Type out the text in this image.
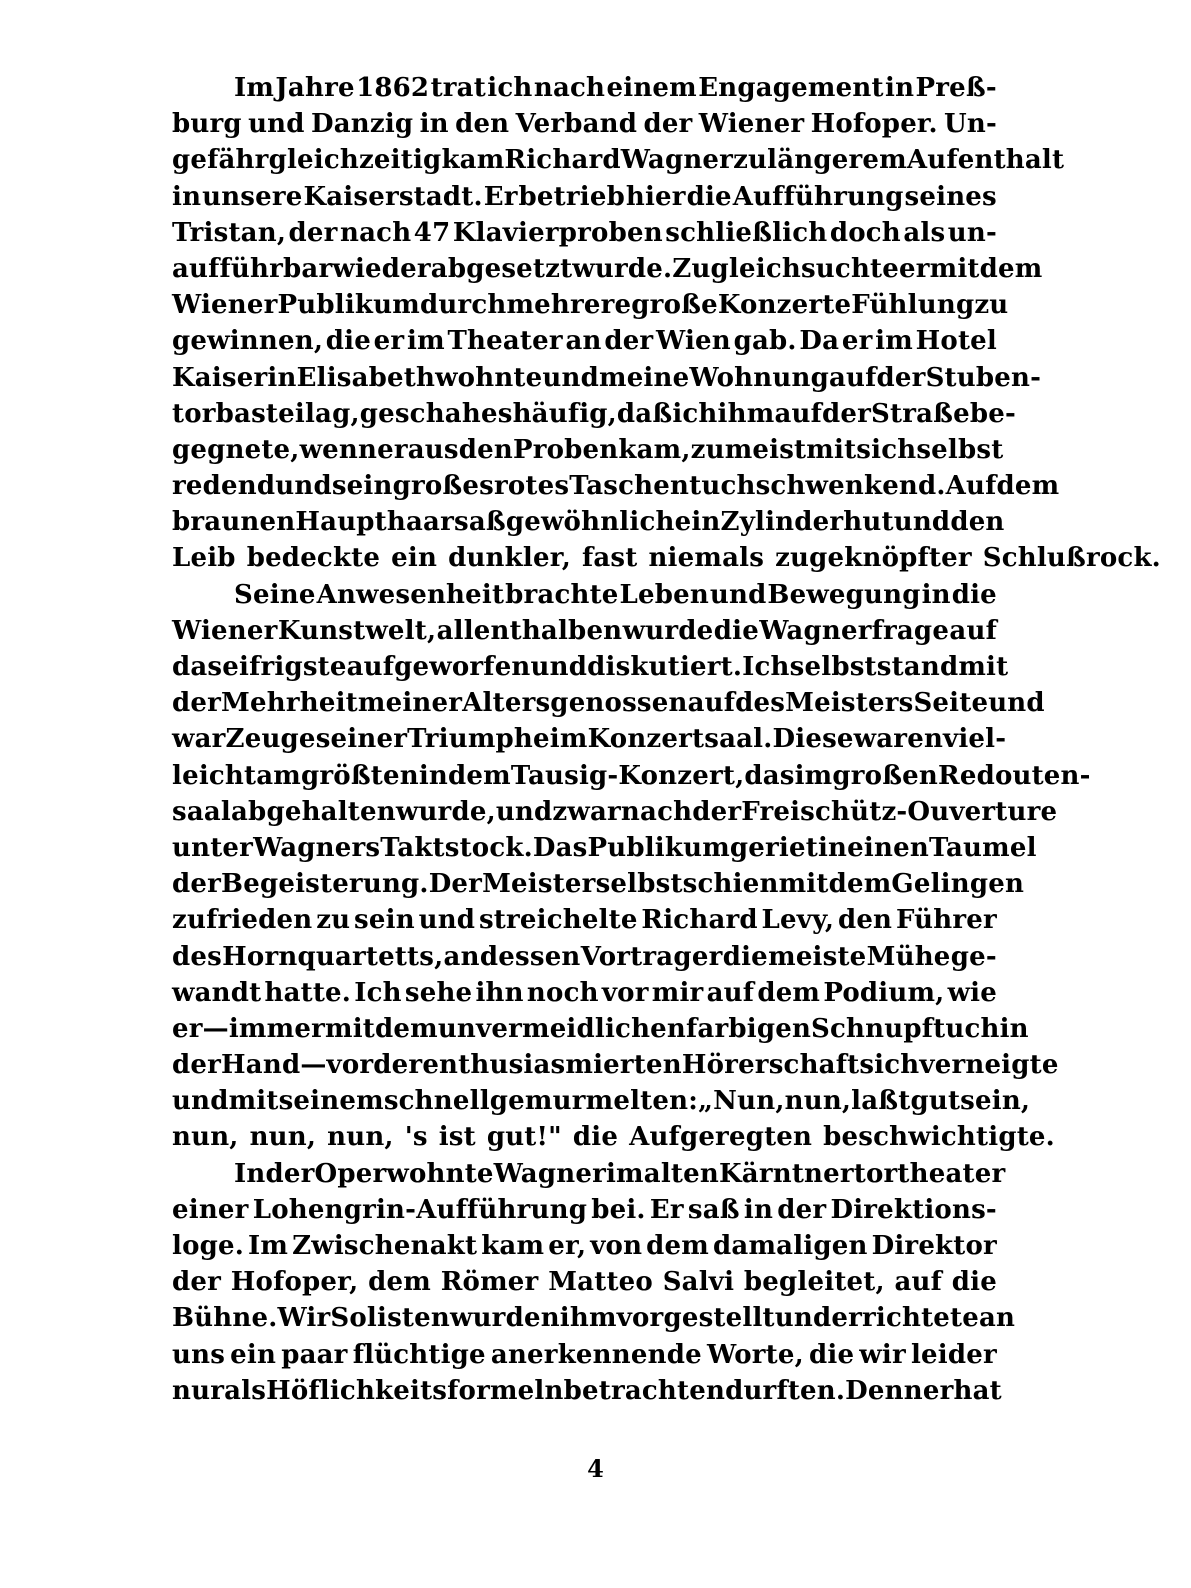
Im Jahre 1862 trat ich nach einem Engagement in Preß-
burg und Danzig in den Verband der Wiener Hofoper. Un-
gefähr gleichzeitig kam Richard Wagner zu längerem Aufenthalt
in unsere Kaiserstadt. Er betrieb hier die Aufführung seines
Tristan, der nach 47 Klavierproben schließlich doch als un-
aufführbar wieder abgesetzt wurde. Zugleich suchte er mit dem
Wiener Publikum durch mehrere große Konzerte Fühlung zu
gewinnen, die er im Theater an der Wien gab. Da er im Hotel
Kaiserin Elisabeth wohnte und meine Wohnung auf der Stuben-
torbastei lag, geschah es häufig, daß ich ihm auf der Straße be-
gegnete, wenn er aus den Proben kam, zumeist mit sich selbst
redend und sein großes rotes Taschentuch schwenkend. Auf dem
braunen Haupthaar saß gewöhnlich ein Zylinderhut und den
Leib bedeckte ein dunkler, fast niemals zugeknöpfter Schlußrock.
Seine Anwesenheit brachte Leben und Bewegung in die
Wiener Kunstwelt, allenthalben wurde die Wagnerfrage auf
das eifrigste aufgeworfen und diskutiert. Ich selbst stand mit
der Mehrheit meiner Altersgenossen auf des Meisters Seite und
war Zeuge seiner Triumphe im Konzertsaal. Diese waren viel-
leicht am größten in dem Tausig-Konzert, das im großen Redouten-
saal abgehalten wurde, und zwar nach der Freischütz-Ouverture
unter Wagners Taktstock. Das Publikum geriet in einen Taumel
der Begeisterung. Der Meister selbst schien mit dem Gelingen
zufrieden zu sein und streichelte Richard Levy, den Führer
des Hornquartetts, an dessen Vortrag er die meiste Mühe ge-
wandt hatte. Ich sehe ihn noch vor mir auf dem Podium, wie
er — immer mit dem unvermeidlichen farbigen Schnupftuch in
der Hand — vor der enthusiasmierten Hörerschaft sich verneigte
und mit seinem schnell gemurmelten: „Nun, nun, laßt gut sein,
nun, nun, nun, 's ist gut!" die Aufgeregten beschwichtigte.
In der Oper wohnte Wagner im alten Kärntnertortheater
einer Lohengrin-Aufführung bei. Er saß in der Direktions-
loge. Im Zwischenakt kam er, von dem damaligen Direktor
der Hofoper, dem Römer Matteo Salvi begleitet, auf die
Bühne. Wir Solisten wurden ihm vorgestellt und er richtete an
uns ein paar flüchtige anerkennende Worte, die wir leider
nur als Höflichkeitsformeln betrachten durften. Denn er hat
4
